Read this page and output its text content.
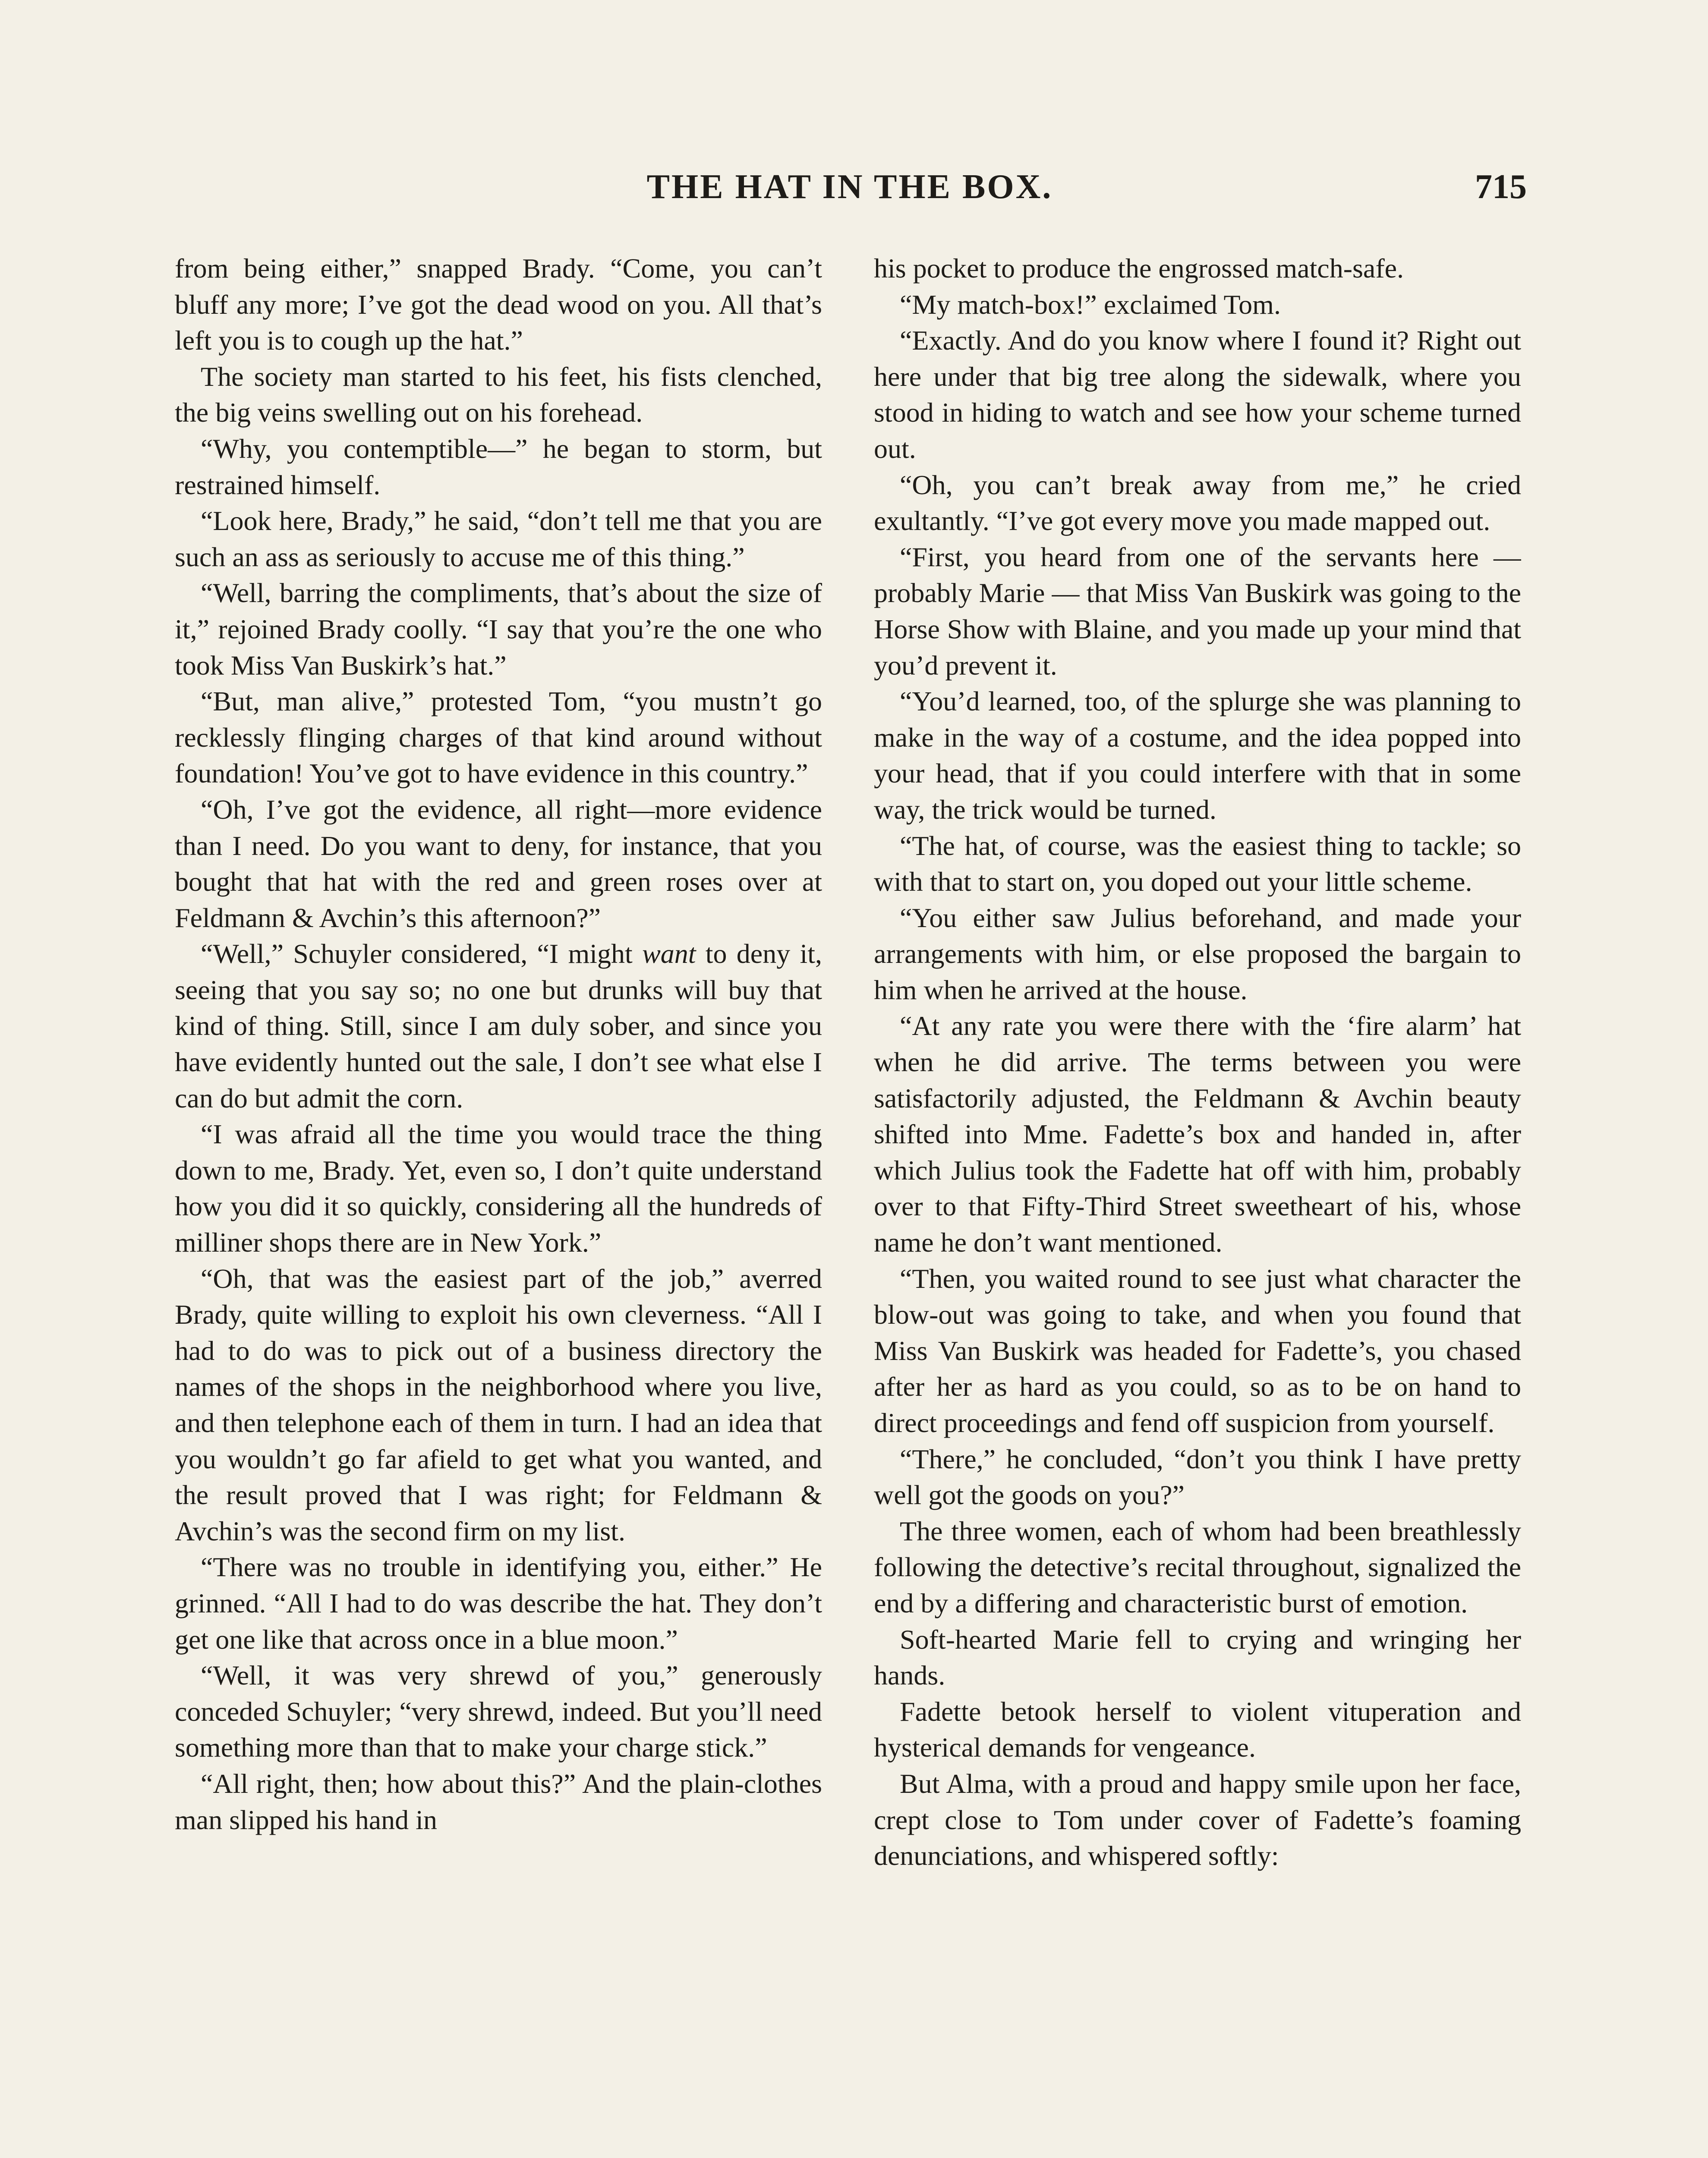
THE HAT IN THE BOX.	715

from being either,” snapped Brady. “Come, you can’t bluff any more; I’ve got the dead wood on you. All that’s left you is to cough up the hat.”

The society man started to his feet, his fists clenched, the big veins swelling out on his forehead.

“Why, you contemptible—” he began to storm, but restrained himself.

“Look here, Brady,” he said, “don’t tell me that you are such an ass as seriously to accuse me of this thing.”

“Well, barring the compliments, that’s about the size of it,” rejoined Brady coolly. “I say that you’re the one who took Miss Van Buskirk’s hat.”

“But, man alive,” protested Tom, “you mustn’t go recklessly flinging charges of that kind around without foundation! You’ve got to have evidence in this country.”

“Oh, I’ve got the evidence, all right—more evidence than I need. Do you want to deny, for instance, that you bought that hat with the red and green roses over at Feldmann & Avchin’s this afternoon?”

“Well,” Schuyler considered, “I might want to deny it, seeing that you say so; no one but drunks will buy that kind of thing. Still, since I am duly sober, and since you have evidently hunted out the sale, I don’t see what else I can do but admit the corn.

“I was afraid all the time you would trace the thing down to me, Brady. Yet, even so, I don’t quite understand how you did it so quickly, considering all the hundreds of milliner shops there are in New York.”

“Oh, that was the easiest part of the job,” averred Brady, quite willing to exploit his own cleverness. “All I had to do was to pick out of a business directory the names of the shops in the neighborhood where you live, and then telephone each of them in turn. I had an idea that you wouldn’t go far afield to get what you wanted, and the result proved that I was right; for Feldmann & Avchin’s was the second firm on my list.

“There was no trouble in identifying you, either.” He grinned. “All I had to do was describe the hat. They don’t get one like that across once in a blue moon.”

“Well, it was very shrewd of you,” generously conceded Schuyler; “very shrewd, indeed. But you’ll need something more than that to make your charge stick.”

“All right, then; how about this?” And the plain-clothes man slipped his hand in

his pocket to produce the engrossed match-safe.

“My match-box!” exclaimed Tom.

“Exactly. And do you know where I found it? Right out here under that big tree along the sidewalk, where you stood in hiding to watch and see how your scheme turned out.

“Oh, you can’t break away from me,” he cried exultantly. “I’ve got every move you made mapped out.

“First, you heard from one of the servants here — probably Marie — that Miss Van Buskirk was going to the Horse Show with Blaine, and you made up your mind that you’d prevent it.

“You’d learned, too, of the splurge she was planning to make in the way of a costume, and the idea popped into your head, that if you could interfere with that in some way, the trick would be turned.

“The hat, of course, was the easiest thing to tackle; so with that to start on, you doped out your little scheme.

“You either saw Julius beforehand, and made your arrangements with him, or else proposed the bargain to him when he arrived at the house.

“At any rate you were there with the ‘fire alarm’ hat when he did arrive. The terms between you were satisfactorily adjusted, the Feldmann & Avchin beauty shifted into Mme. Fadette’s box and handed in, after which Julius took the Fadette hat off with him, probably over to that Fifty-Third Street sweetheart of his, whose name he don’t want mentioned.

“Then, you waited round to see just what character the blow-out was going to take, and when you found that Miss Van Buskirk was headed for Fadette’s, you chased after her as hard as you could, so as to be on hand to direct proceedings and fend off suspicion from yourself.

“There,” he concluded, “don’t you think I have pretty well got the goods on you?”

The three women, each of whom had been breathlessly following the detective’s recital throughout, signalized the end by a differing and characteristic burst of emotion.

Soft-hearted Marie fell to crying and wringing her hands.

Fadette betook herself to violent vituperation and hysterical demands for vengeance.

But Alma, with a proud and happy smile upon her face, crept close to Tom under cover of Fadette’s foaming denunciations, and whispered softly:
